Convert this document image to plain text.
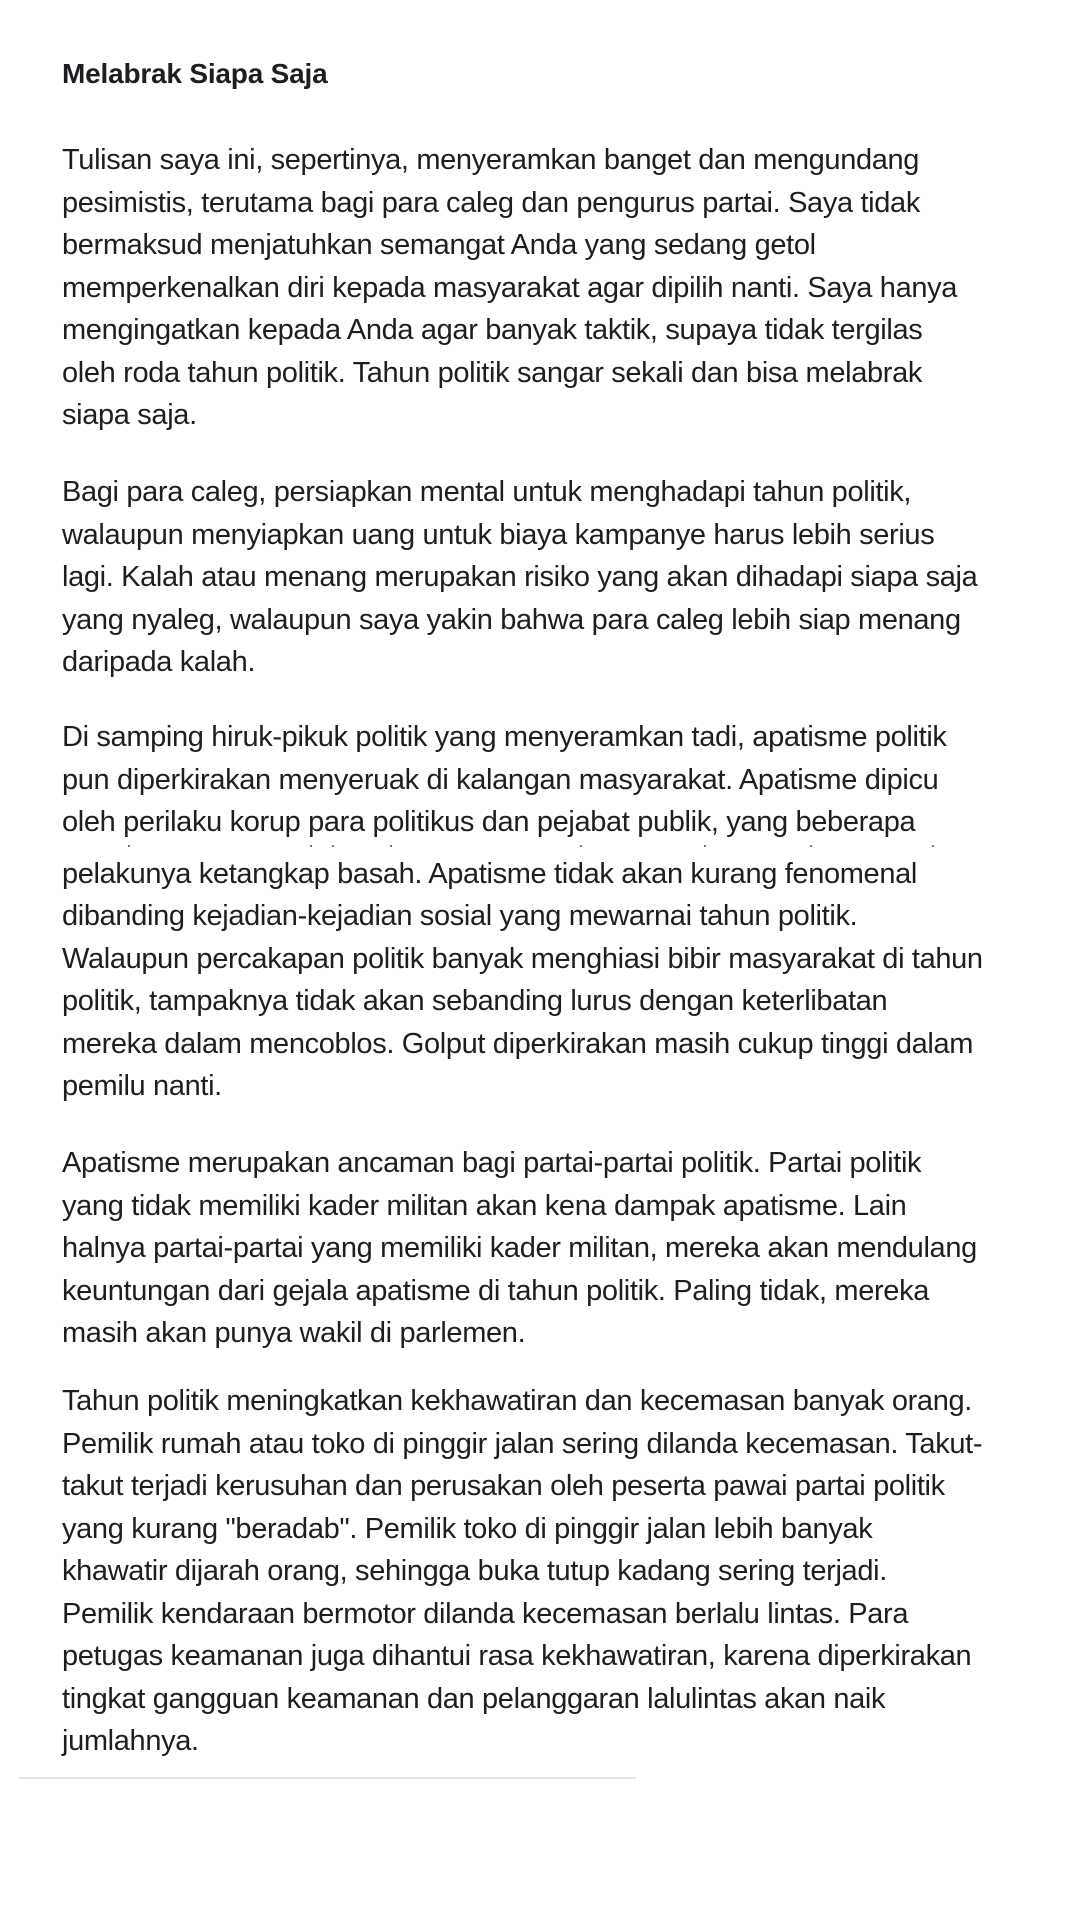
Melabrak Siapa Saja

Tulisan saya ini, sepertinya, menyeramkan banget dan mengundang
pesimistis, terutama bagi para caleg dan pengurus partai. Saya tidak
bermaksud menjatuhkan semangat Anda yang sedang getol
memperkenalkan diri kepada masyarakat agar dipilih nanti. Saya hanya
mengingatkan kepada Anda agar banyak taktik, supaya tidak tergilas
oleh roda tahun politik. Tahun politik sangar sekali dan bisa melabrak
siapa saja.

Bagi para caleg, persiapkan mental untuk menghadapi tahun politik,
walaupun menyiapkan uang untuk biaya kampanye harus lebih serius
lagi. Kalah atau menang merupakan risiko yang akan dihadapi siapa saja
yang nyaleg, walaupun saya yakin bahwa para caleg lebih siap menang
daripada kalah.

Di samping hiruk-pikuk politik yang menyeramkan tadi, apatisme politik
pun diperkirakan menyeruak di kalangan masyarakat. Apatisme dipicu
oleh perilaku korup para politikus dan pejabat publik, yang beberapa
pelakunya ketangkap basah. Apatisme tidak akan kurang fenomenal
dibanding kejadian-kejadian sosial yang mewarnai tahun politik.
Walaupun percakapan politik banyak menghiasi bibir masyarakat di tahun
politik, tampaknya tidak akan sebanding lurus dengan keterlibatan
mereka dalam mencoblos. Golput diperkirakan masih cukup tinggi dalam
pemilu nanti.

Apatisme merupakan ancaman bagi partai-partai politik. Partai politik
yang tidak memiliki kader militan akan kena dampak apatisme. Lain
halnya partai-partai yang memiliki kader militan, mereka akan mendulang
keuntungan dari gejala apatisme di tahun politik. Paling tidak, mereka
masih akan punya wakil di parlemen.

Tahun politik meningkatkan kekhawatiran dan kecemasan banyak orang.
Pemilik rumah atau toko di pinggir jalan sering dilanda kecemasan. Takut-
takut terjadi kerusuhan dan perusakan oleh peserta pawai partai politik
yang kurang "beradab". Pemilik toko di pinggir jalan lebih banyak
khawatir dijarah orang, sehingga buka tutup kadang sering terjadi.
Pemilik kendaraan bermotor dilanda kecemasan berlalu lintas. Para
petugas keamanan juga dihantui rasa kekhawatiran, karena diperkirakan
tingkat gangguan keamanan dan pelanggaran lalulintas akan naik
jumlahnya.
